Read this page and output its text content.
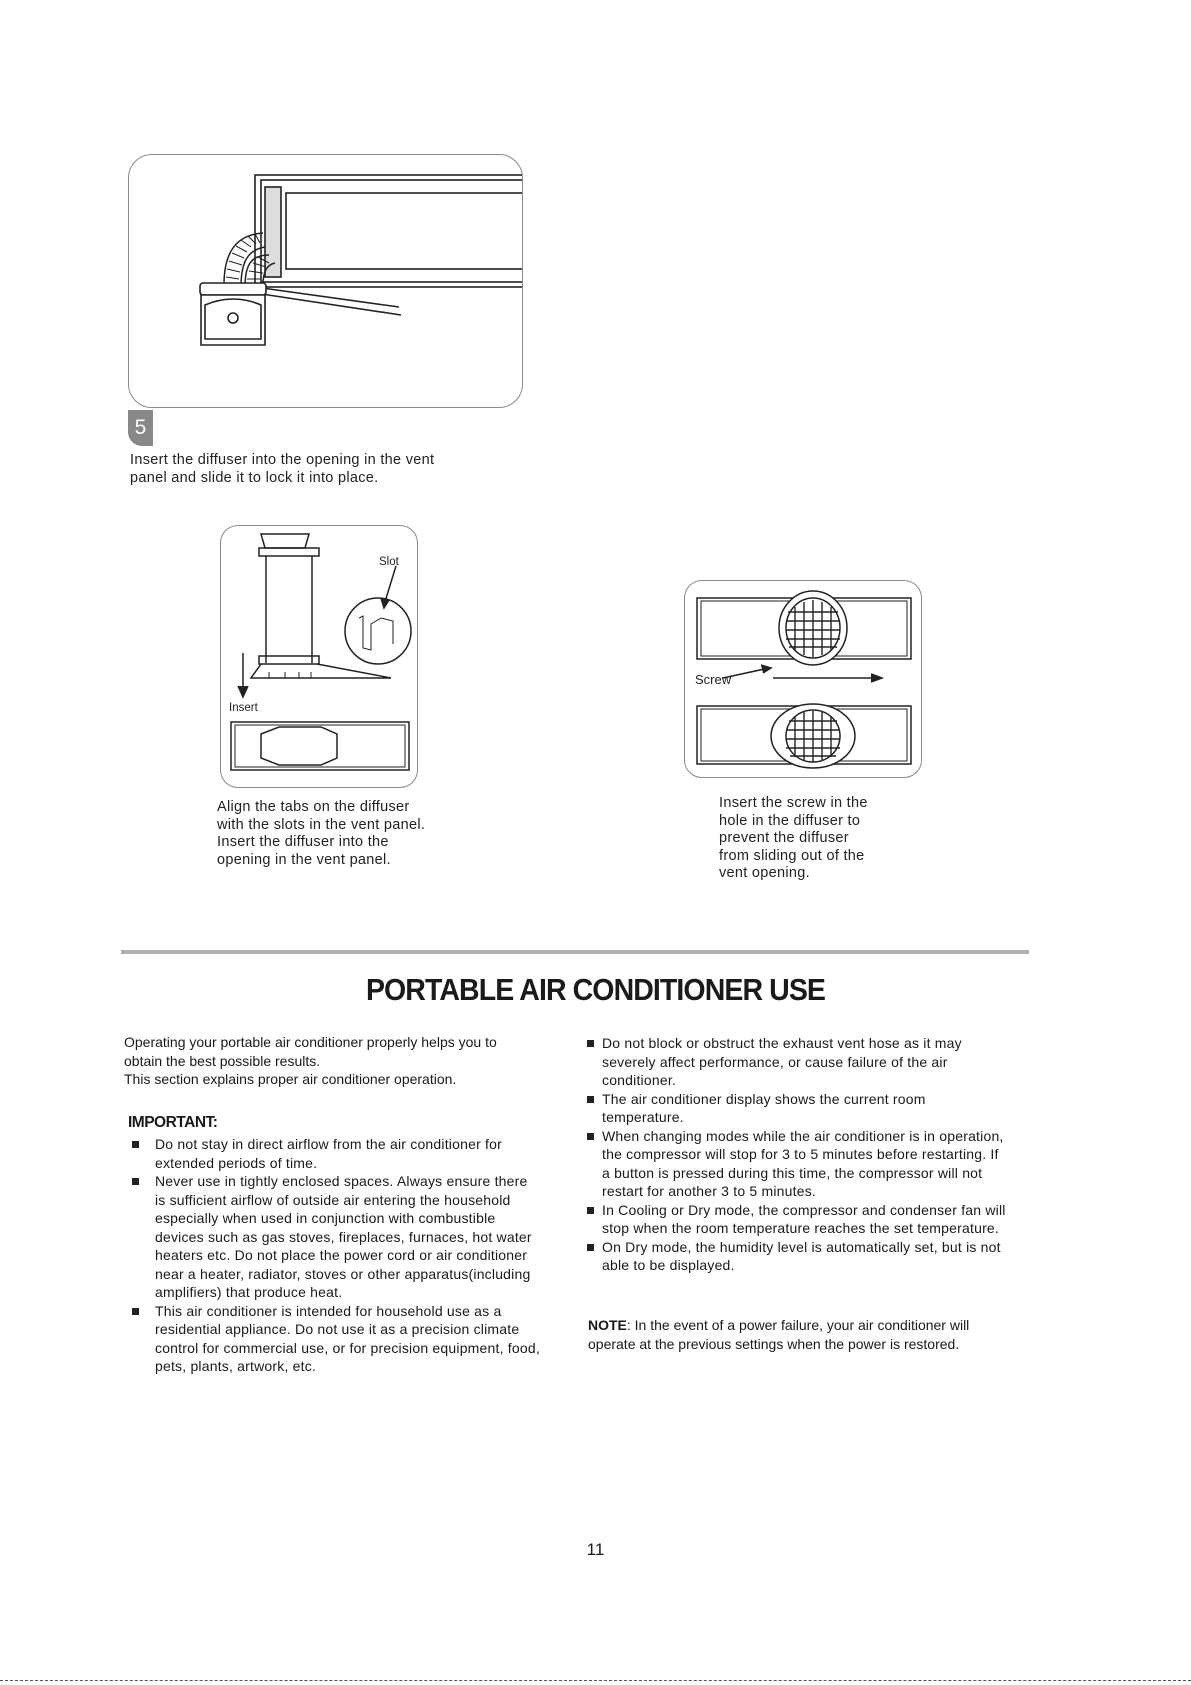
5

Insert the diffuser into the opening in the vent

panel and slide it to lock it into place.

Slot
Insert

Align the tabs on the diffuser

with the slots in the vent panel.

Insert the diffuser into the

opening in the vent panel.

Screw

Insert the screw in the

hole in the diffuser to

prevent the diffuser

from sliding out of the

vent opening.

PORTABLE AIR CONDITIONER USE

Operating your portable air conditioner properly helps you to

obtain the best possible results.

This section explains proper air conditioner operation.

IMPORTANT:
Do not stay in direct airflow from the air conditioner for extended periods of time.
Never use in tightly enclosed spaces. Always ensure there is sufficient airflow of outside air entering the household especially when used in conjunction with combustible devices such as gas stoves, fireplaces, furnaces, hot water heaters etc. Do not place the power cord or air conditioner near a heater, radiator, stoves or other apparatus(including amplifiers) that produce heat.
This air conditioner is intended for household use as a residential appliance. Do not use it as a precision climate control for commercial use, or for precision equipment, food, pets, plants, artwork, etc.
Do not block or obstruct the exhaust vent hose as it may severely affect performance, or cause failure of the air conditioner.
The air conditioner display shows the current room temperature.
When changing modes while the air conditioner is in operation, the compressor will stop for 3 to 5 minutes before restarting. If a button is pressed during this time, the compressor will not restart for another 3 to 5 minutes.
In Cooling or Dry mode, the compressor and condenser fan will stop when the room temperature reaches the set temperature.
On Dry mode, the humidity level is automatically set, but is not able to be displayed.
NOTE: In the event of a power failure, your air conditioner will operate at the previous settings when the power is restored.
11
